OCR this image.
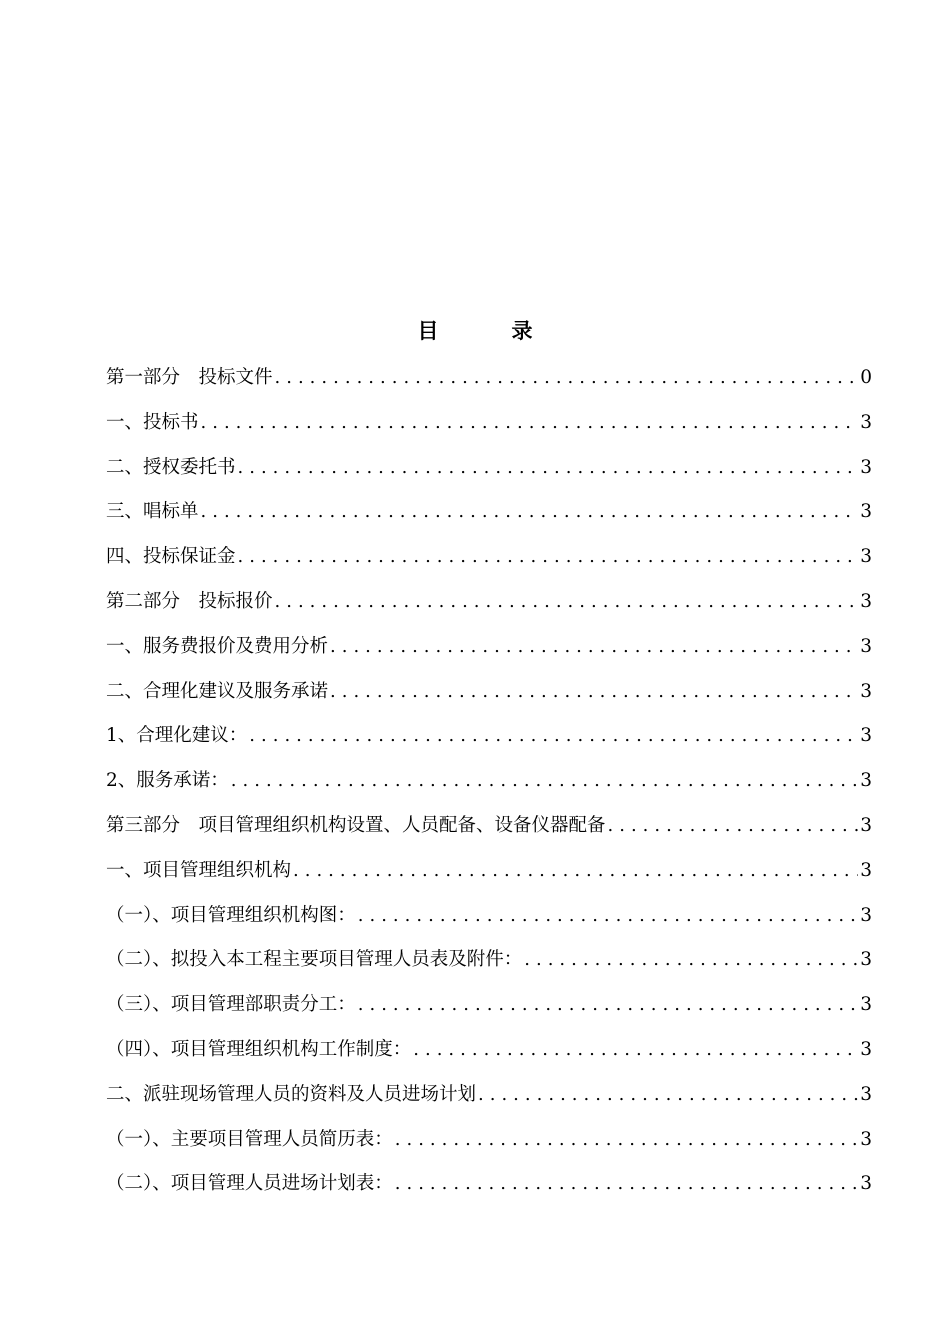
目　录
第一部分　投标文件 .....	0
一、投标书 .....	3
二、授权委托书 .....	3
三、唱标单 .....	3
四、投标保证金 .....	3
第二部分　投标报价 .....	3
一、服务费报价及费用分析 .....	3
二、合理化建议及服务承诺 .....	3
1、合理化建议： .....	3
2、服务承诺： .....	3
第三部分　项目管理组织机构设置、人员配备、设备仪器配备 .....	3
一、项目管理组织机构 .....	3
（一）、项目管理组织机构图： .....	3
（二）、拟投入本工程主要项目管理人员表及附件： .....	3
（三）、项目管理部职责分工： .....	3
（四）、项目管理组织机构工作制度： .....	3
二、派驻现场管理人员的资料及人员进场计划 .....	3
（一）、主要项目管理人员简历表： .....	3
（二）、项目管理人员进场计划表： .....	3
